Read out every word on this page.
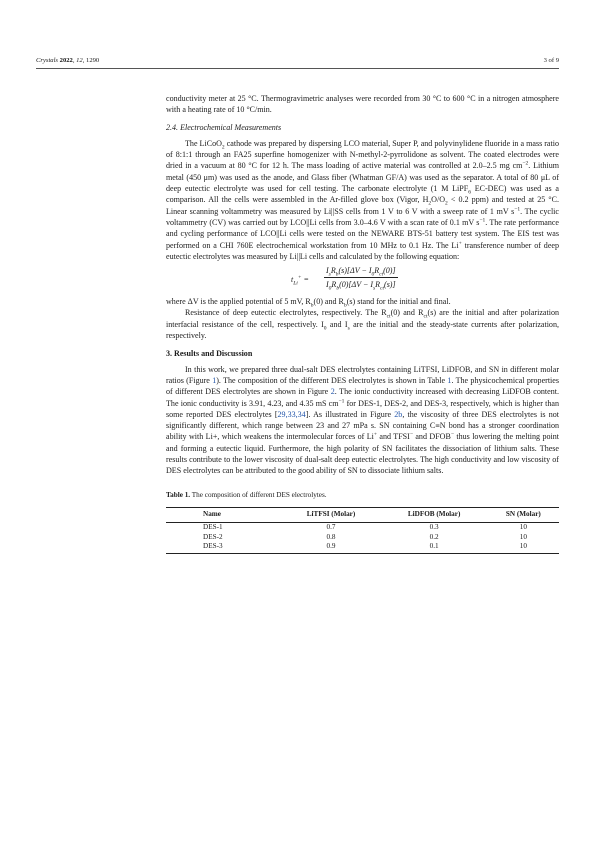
Crystals 2022, 12, 1290	3 of 9

conductivity meter at 25 °C. Thermogravimetric analyses were recorded from 30 °C to 600 °C in a nitrogen atmosphere with a heating rate of 10 °C/min.

2.4. Electrochemical Measurements

The LiCoO$_2$ cathode was prepared by dispersing LCO material, Super P, and polyvinylidene fluoride in a mass ratio of 8:1:1 through an FA25 superfine homogenizer with N-methyl-2-pyrrolidone as solvent. The coated electrodes were dried in a vacuum at 80 °C for 12 h. The mass loading of active material was controlled at 2.0–2.5 mg $cm^{-2}$. Lithium metal (450 μm) was used as the anode, and Glass fiber (Whatman GF/A) was used as the separator. A total of 80 μL of deep eutectic electrolyte was used for cell testing. The carbonate electrolyte (1 M LiPF$_6$ EC-DEC) was used as a comparison. All the cells were assembled in the Ar-filled glove box (Vigor, $H_2O/O_2 < 0.2$ ppm) and tested at 25 °C. Linear scanning voltammetry was measured by Li||SS cells from 1 V to 6 V with a sweep rate of 1 mV $s^{-1}$. The cyclic voltammetry (CV) was carried out by LCO||Li cells from 3.0–4.6 V with a scan rate of 0.1 mV $s^{-1}$. The rate performance and cycling performance of LCO||Li cells were tested on the NEWARE BTS-51 battery test system. The EIS test was performed on a CHI 760E electrochemical workstation from 10 MHz to 0.1 Hz. The Li+ transference number of deep eutectic electrolytes was measured by Li||Li cells and calculated by the following equation:

$t_{Li}^+$ =
$I_sR_b(s)[\Delta V - I_0R_{ct}(0)]$
$I_0R_b(0)[\Delta V - I_sR_{ct}(s)]$

where ΔV is the applied potential of 5 mV, $R_b(0)$ and $R_b(s)$ stand for the initial and final.

Resistance of deep eutectic electrolytes, respectively. The $R_{ct}(0)$ and $R_{ct}(s)$ are the initial and after polarization interfacial resistance of the cell, respectively. $I_0$ and $I_s$ are the initial and the steady-state currents after polarization, respectively.

3. Results and Discussion

In this work, we prepared three dual-salt DES electrolytes containing LiTFSI, LiDFOB, and SN in different molar ratios (Figure 1). The composition of the different DES electrolytes is shown in Table 1. The physicochemical properties of different DES electrolytes are shown in Figure 2. The ionic conductivity increased with decreasing LiDFOB content. The ionic conductivity is 3.91, 4.23, and 4.35 mS $cm^{-1}$ for DES-1, DES-2, and DES-3, respectively, which is higher than some reported DES electrolytes [29,33,34]. As illustrated in Figure 2b, the viscosity of three DES electrolytes is not significantly different, which range between 23 and 27 mPa s. SN containing C≡N bond has a stronger coordination ability with Li+, which weakens the intermolecular forces of Li+ and TFSI− and DFOB− thus lowering the melting point and forming a eutectic liquid. Furthermore, the high polarity of SN facilitates the dissociation of lithium salts. These results contribute to the lower viscosity of dual-salt deep eutectic electrolytes. The high conductivity and low viscosity of DES electrolytes can be attributed to the good ability of SN to dissociate lithium salts.

Table 1. The composition of different DES electrolytes.

Name	LiTFSI (Molar)	LiDFOB (Molar)	SN (Molar)
DES-1	0.7	0.3	10
DES-2	0.8	0.2	10
DES-3	0.9	0.1	10
